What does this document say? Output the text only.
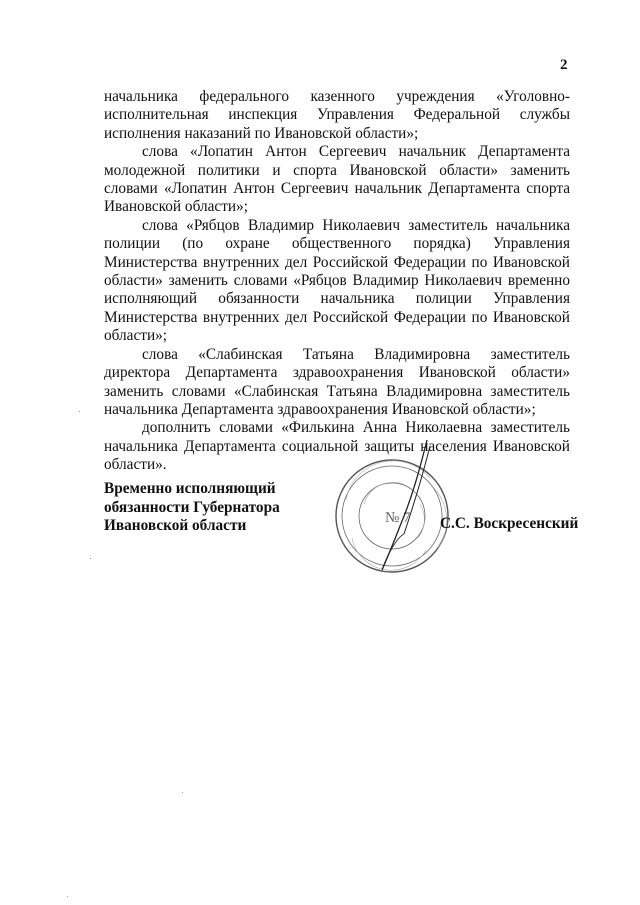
2

начальника федерального казенного учреждения «Уголовно-исполнительная инспекция Управления Федеральной службы исполнения наказаний по Ивановской области»;

слова «Лопатин Антон Сергеевич начальник Департамента молодежной политики и спорта Ивановской области» заменить словами «Лопатин Антон Сергеевич начальник Департамента спорта Ивановской области»;

слова «Рябцов Владимир Николаевич заместитель начальника полиции (по охране общественного порядка) Управления Министерства внутренних дел Российской Федерации по Ивановской области» заменить словами «Рябцов Владимир Николаевич временно исполняющий обязанности начальника полиции Управления Министерства внутренних дел Российской Федерации по Ивановской области»;

слова «Слабинская Татьяна Владимировна заместитель директора Департамента здравоохранения Ивановской области» заменить словами «Слабинская Татьяна Владимировна заместитель начальника Департамента здравоохранения Ивановской области»;

дополнить словами «Филькина Анна Николаевна заместитель начальника Департамента социальной защиты населения Ивановской области».

Временно исполняющий
обязанности Губернатора
Ивановской области	№ 7 С.С. Воскресенский
